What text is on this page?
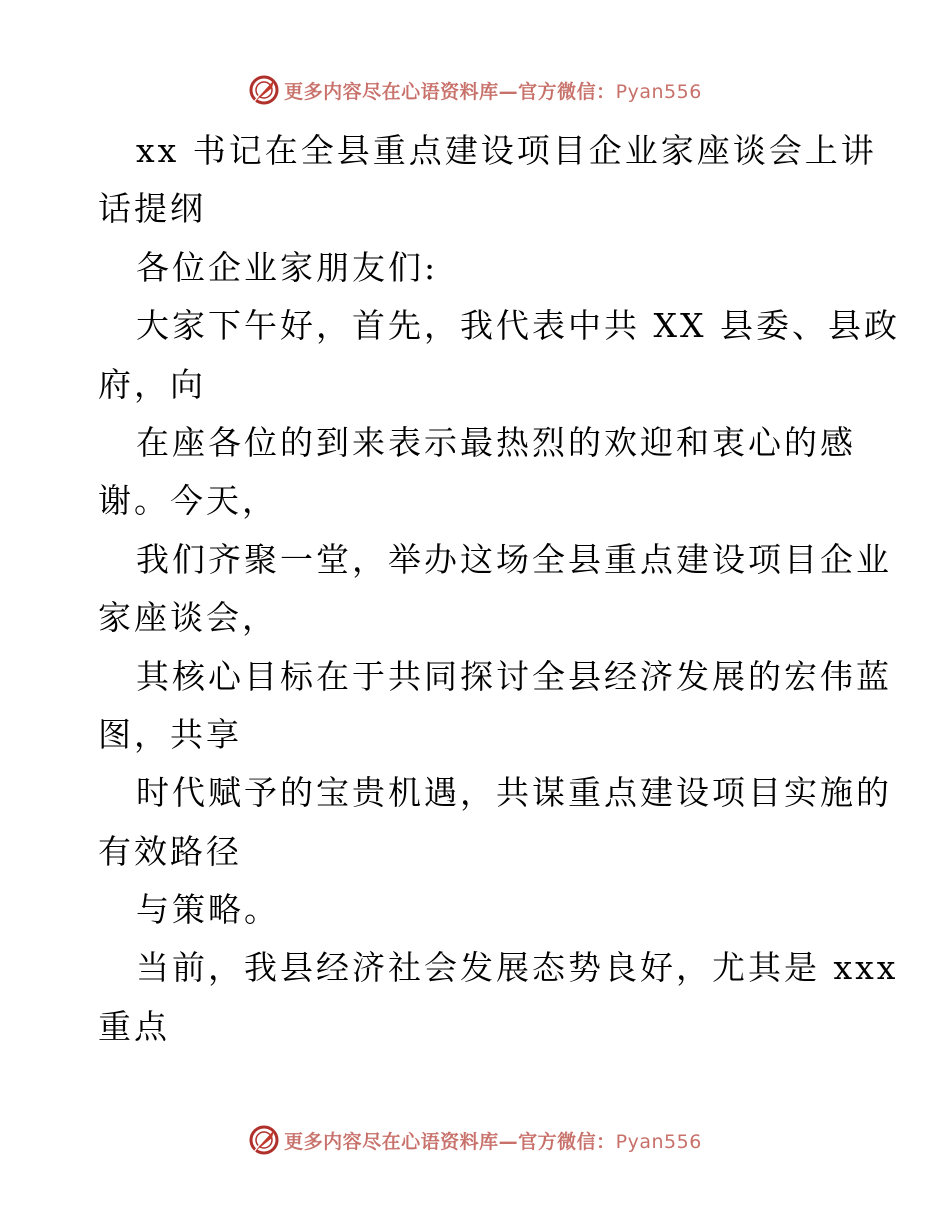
更多内容尽在心语资料库—官方微信：Pyan556
xx 书记在全县重点建设项目企业家座谈会上讲
话提纲
各位企业家朋友们:
大家下午好，首先，我代表中共 XX 县委、县政
府，向
在座各位的到来表示最热烈的欢迎和衷心的感
谢。今天，
我们齐聚一堂，举办这场全县重点建设项目企业
家座谈会，
其核心目标在于共同探讨全县经济发展的宏伟蓝
图，共享
时代赋予的宝贵机遇，共谋重点建设项目实施的
有效路径
与策略。
当前，我县经济社会发展态势良好，尤其是 xxx
重点
更多内容尽在心语资料库—官方微信：Pyan556
